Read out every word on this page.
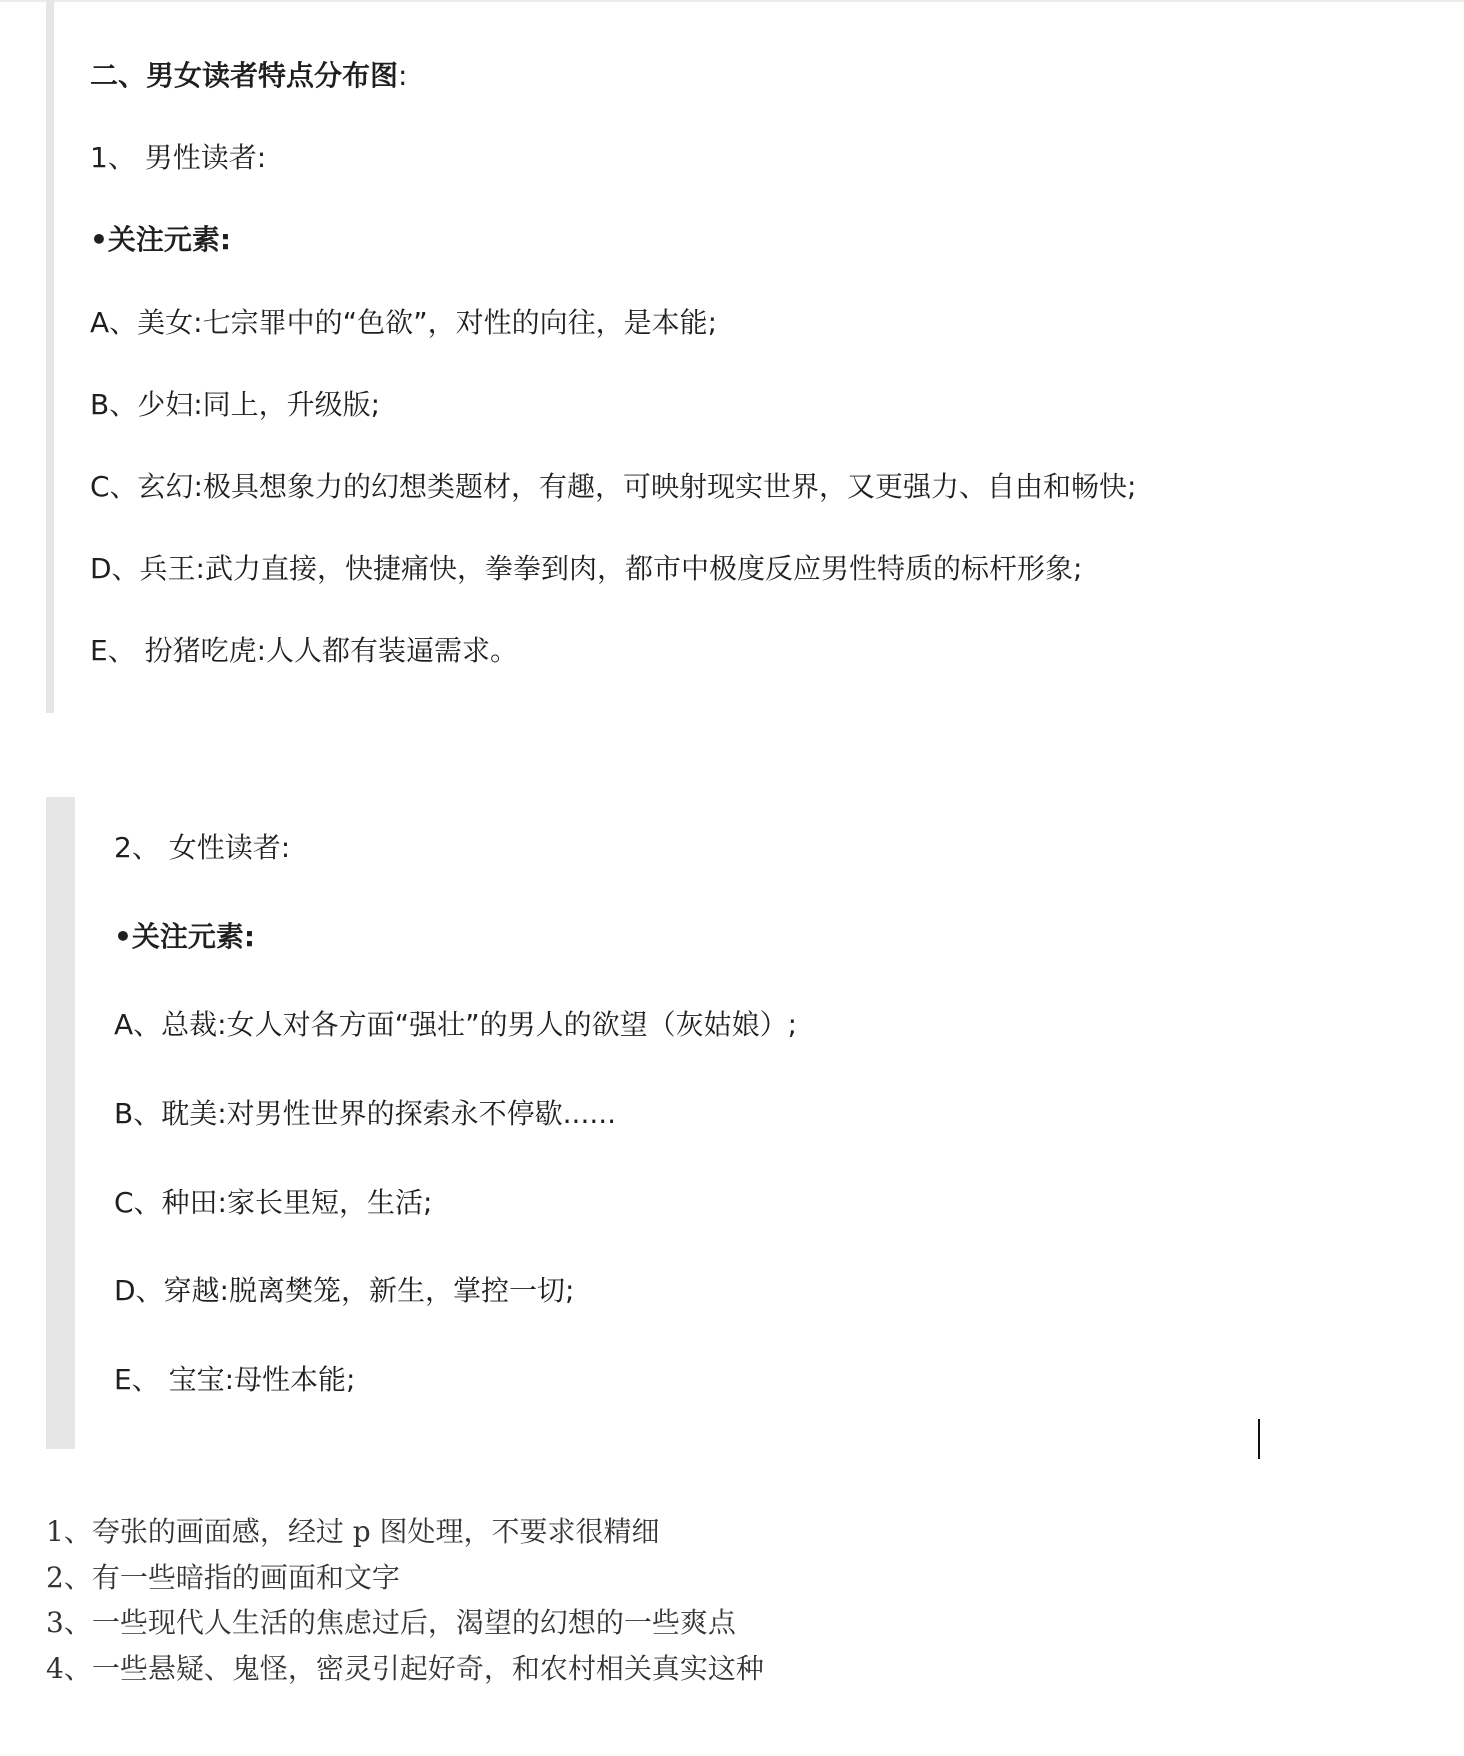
二、男女读者特点分布图:
1、 男性读者:
•关注元素:
A、美女:七宗罪中的“色欲”，对性的向往，是本能;
B、少妇:同上，升级版;
C、玄幻:极具想象力的幻想类题材，有趣，可映射现实世界，又更强力、自由和畅快;
D、兵王:武力直接，快捷痛快，拳拳到肉，都市中极度反应男性特质的标杆形象;
E、 扮猪吃虎:人人都有装逼需求。
2、 女性读者:
•关注元素:
A、总裁:女人对各方面“强壮”的男人的欲望（灰姑娘）;
B、耽美:对男性世界的探索永不停歇......
C、种田:家长里短，生活;
D、穿越:脱离樊笼，新生，掌控一切;
E、 宝宝:母性本能;
1、夸张的画面感，经过 p 图处理，不要求很精细
2、有一些暗指的画面和文字
3、一些现代人生活的焦虑过后，渴望的幻想的一些爽点
4、一些悬疑、鬼怪，密灵引起好奇，和农村相关真实这种
